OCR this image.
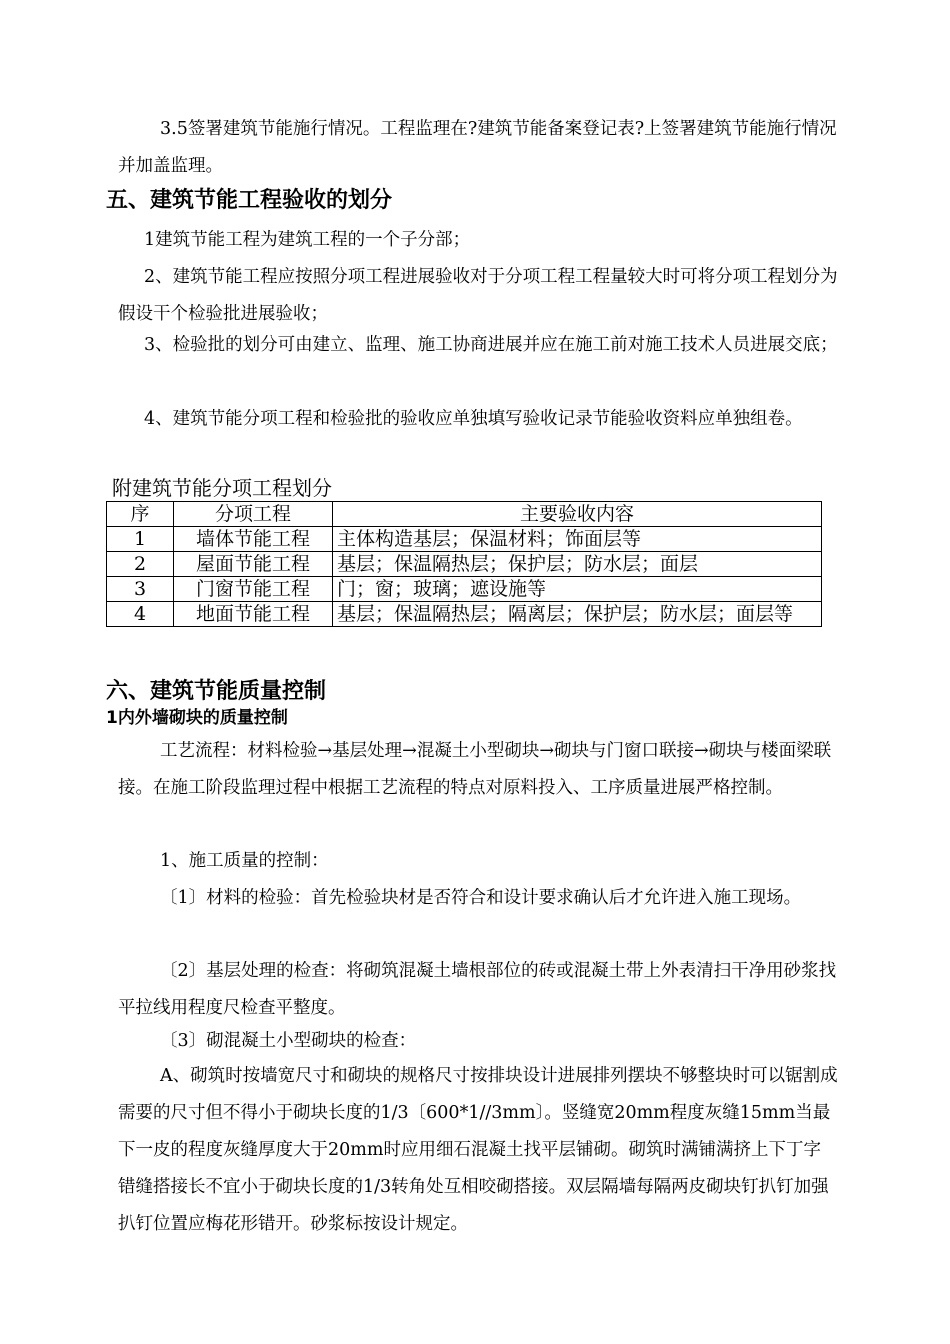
3.5签署建筑节能施行情况。工程监理在?建筑节能备案登记表?上签署建筑节能施行情况并加盖监理。

五、建筑节能工程验收的划分

1建筑节能工程为建筑工程的一个子分部；

2、建筑节能工程应按照分项工程进展验收对于分项工程工程量较大时可将分项工程划分为假设干个检验批进展验收；

3、检验批的划分可由建立、监理、施工协商进展并应在施工前对施工技术人员进展交底；

4、建筑节能分项工程和检验批的验收应单独填写验收记录节能验收资料应单独组卷。

附建筑节能分项工程划分

序	分项工程	主要验收内容
1	墙体节能工程	主体构造基层；保温材料；饰面层等
2	屋面节能工程	基层；保温隔热层；保护层；防水层；面层
3	门窗节能工程	门；窗；玻璃；遮设施等
4	地面节能工程	基层；保温隔热层；隔离层；保护层；防水层；面层等
六、建筑节能质量控制
1内外墙砌块的质量控制

工艺流程：材料检验→基层处理→混凝土小型砌块→砌块与门窗口联接→砌块与楼面梁联接。在施工阶段监理过程中根据工艺流程的特点对原料投入、工序质量进展严格控制。

1、施工质量的控制：

〔1〕材料的检验：首先检验块材是否符合和设计要求确认后才允许进入施工现场。

〔2〕基层处理的检查：将砌筑混凝土墙根部位的砖或混凝土带上外表清扫干净用砂浆找平拉线用程度尺检查平整度。

〔3〕砌混凝土小型砌块的检查：

A、砌筑时按墙宽尺寸和砌块的规格尺寸按排块设计进展排列摆块不够整块时可以锯割成需要的尺寸但不得小于砌块长度的1/3〔600*1//3mm〕。竖缝宽20mm程度灰缝15mm当最下一皮的程度灰缝厚度大于20mm时应用细石混凝土找平层铺砌。砌筑时满铺满挤上下丁字错缝搭接长不宜小于砌块长度的1/3转角处互相咬砌搭接。双层隔墙每隔两皮砌块钉扒钉加强扒钉位置应梅花形错开。砂浆标按设计规定。
